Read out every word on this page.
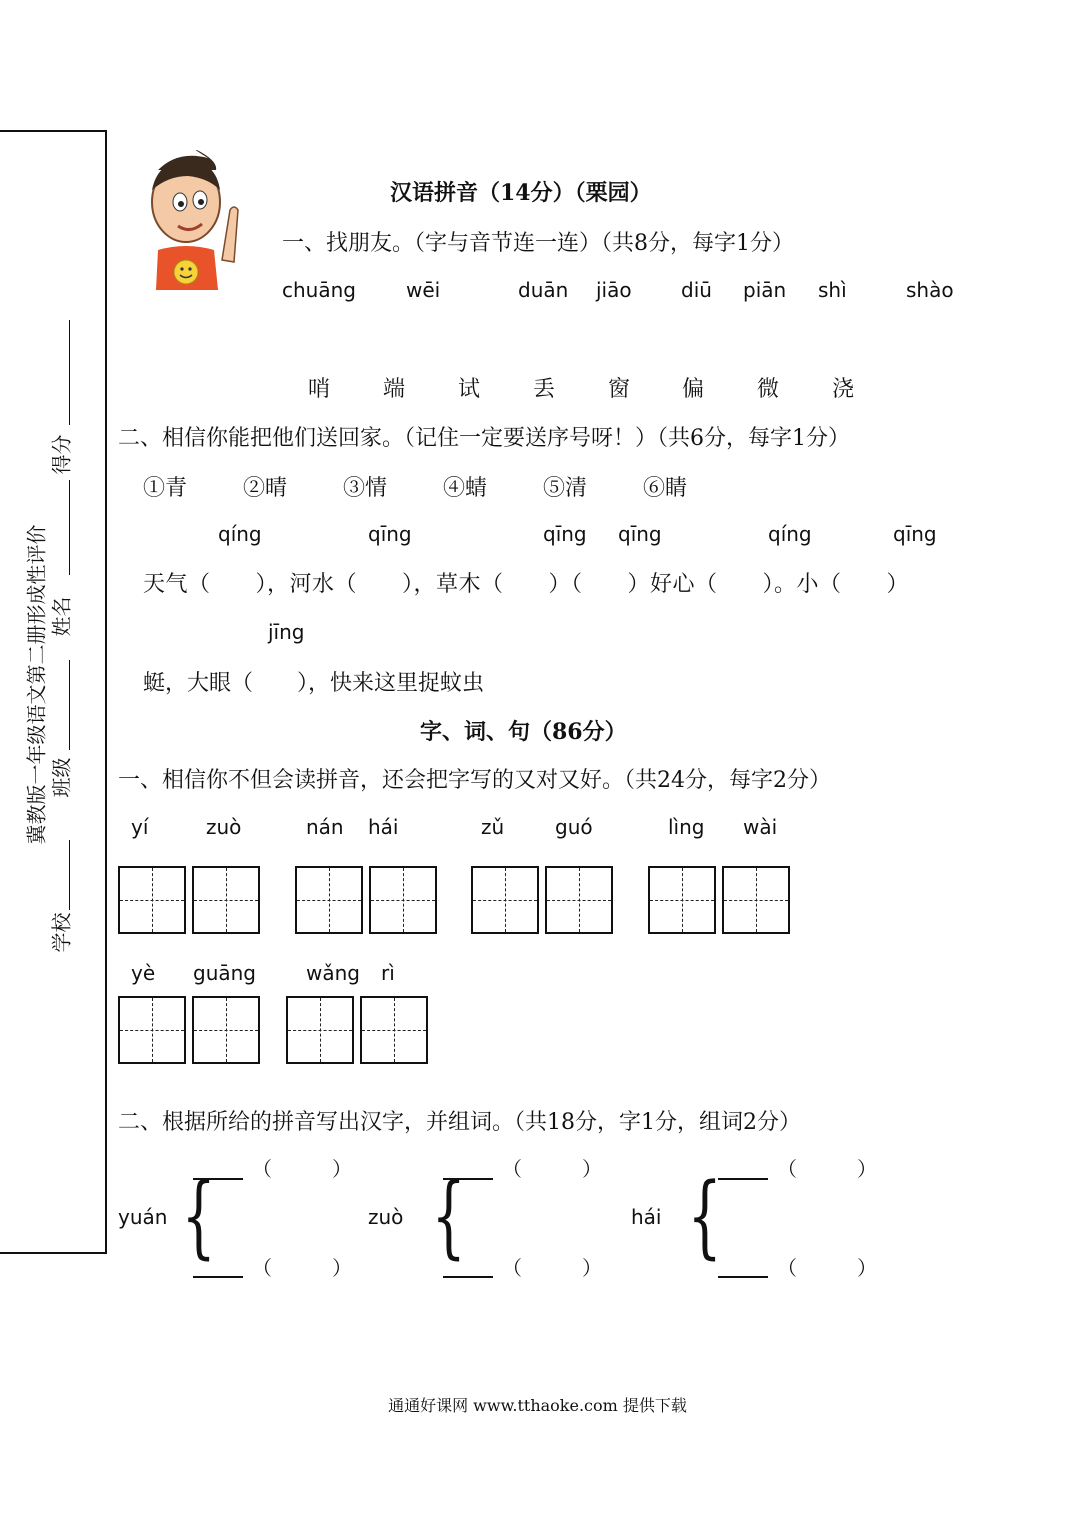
冀教版一年级语文第二册形成性评价
学校
班级
姓名
得分
汉语拼音（14分）（栗园）
一、找朋友。（字与音节连一连）（共8分，每字1分）
chuāng	wēi	duān jiāo diū piān shì	shào
哨 端 试 丢 窗 偏 微 浇
二、相信你能把他们送回家。（记住一定要送序号呀！）（共6分，每字1分）
①青	②晴	③情	④蜻	⑤清	⑥睛
qíng	qīng	qīng qīng	qíng	qīng
天气（　　），河水（　　），草木（　　）（　　）好心（　　）。小（　　）
jīng
蜓，大眼（　　），快来这里捉蚊虫
字、词、句（86分）
一、相信你不但会读拼音，还会把字写的又对又好。（共24分，每字2分）
yí	zuò	nán hái	zǔ	guó	lìng wài
yè guāng	wǎng rì
二、根据所给的拼音写出汉字，并组词。（共18分，字1分，组词2分）
yuán { （　　　）
（　　　）
zuò { （　　　）
（　　　）
hái {	（　　　）
（　　　）
通通好课网 www.tthaoke.com 提供下载
